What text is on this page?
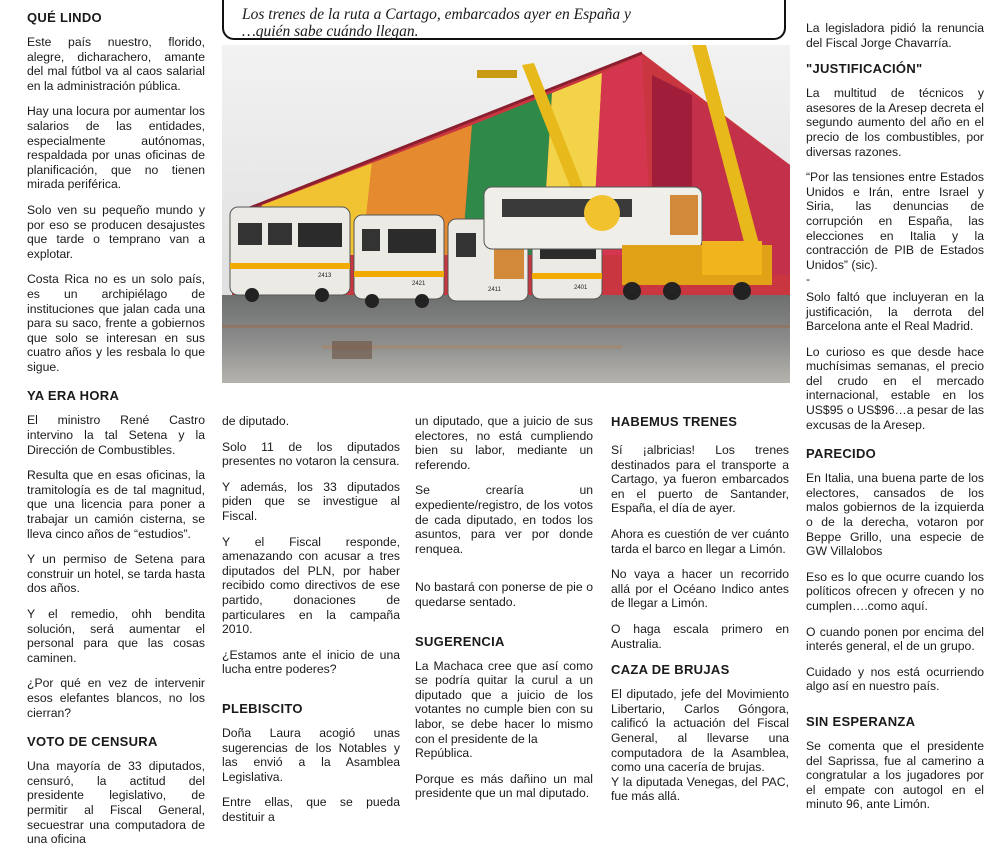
QUÉ LINDO

Este país nuestro, florido, alegre, dicharachero, amante del mal fútbol va al caos salarial en la administración pública.

Hay una locura por aumentar los salarios de las entidades, especialmente autónomas, respaldada por unas oficinas de planificación, que no tienen mirada periférica.

Solo ven su pequeño mundo y por eso se producen desajustes que tarde o temprano van a explotar.

Costa Rica no es un solo país, es un archipiélago de instituciones que jalan cada una para su saco, frente a gobiernos que solo se interesan en sus cuatro años y les resbala lo que sigue.

YA ERA HORA

El ministro René Castro intervino la tal Setena y la Dirección de Combustibles.

Resulta que en esas oficinas, la tramitología es de tal magnitud, que una licencia para poner a trabajar un camión cisterna, se lleva cinco años de “estudios”.

Y un permiso de Setena para construir un hotel, se tarda hasta dos años.

Y el remedio, ohh bendita solución, será aumentar el personal para que las cosas caminen.

¿Por qué en vez de intervenir esos elefantes blancos, no los cierran?

VOTO DE CENSURA

Una mayoría de 33 diputados, censuró, la actitud del presidente legislativo, de permitir al Fiscal General, secuestrar una computadora de una oficina

Los trenes de la ruta a Cartago, embarcados ayer en España y
…quién sabe cuándo llegan.
2413
2421
2411	2401

de diputado.

Solo 11 de los diputados presentes no votaron la censura.

Y además, los 33 diputados piden que se investigue al Fiscal.

Y el Fiscal responde, amenazando con acusar a tres diputados del PLN, por haber recibido como directivos de ese partido, donaciones de particulares en la campaña 2010.

¿Estamos ante el inicio de una lucha entre poderes?

PLEBISCITO

Doña Laura acogió unas sugerencias de los Notables y las envió a la Asamblea Legislativa.

Entre ellas, que se pueda destituir a

un diputado, que a juicio de sus electores, no está cumpliendo bien su labor, mediante un referendo.

Se crearía un expediente/registro, de los votos de cada diputado, en todos los asuntos, para ver por donde renquea.

No bastará con ponerse de pie o quedarse sentado.

SUGERENCIA

La Machaca cree que así como se podría quitar la curul a un diputado que a juicio de los votantes no cumple bien con su labor, se debe hacer lo mismo con el presidente de la
República.

Porque es más dañino un mal presidente que un mal diputado.

HABEMUS TRENES

Sí ¡albricias! Los trenes destinados para el transporte a Cartago, ya fueron embarcados en el puerto de Santander, España, el día de ayer.

Ahora es cuestión de ver cuánto tarda el barco en llegar a Limón.

No vaya a hacer un recorrido allá por el Océano Indico antes de llegar a Limón.

O haga escala primero en Australia.

CAZA DE BRUJAS

El diputado, jefe del Movimiento Libertario, Carlos Góngora, calificó la actuación del Fiscal General, al llevarse una computadora de la Asamblea, como una cacería de brujas.

Y la diputada Venegas, del PAC, fue más allá.

La legisladora pidió la renuncia del Fiscal Jorge Chavarría.

"JUSTIFICACIÓN"

La multitud de técnicos y asesores de la Aresep decreta el segundo aumento del año en el precio de los combustibles, por diversas razones.

“Por las tensiones entre Estados Unidos e Irán, entre Israel y Siria, las denuncias de corrupción en España, las elecciones en Italia y la contracción de PIB de Estados Unidos” (sic).
-

Solo faltó que incluyeran en la justificación, la derrota del Barcelona ante el Real Madrid.

Lo curioso es que desde hace muchísimas semanas, el precio del crudo en el mercado internacional, estable en los US$95 o US$96…a pesar de las excusas de la Aresep.

PARECIDO

En Italia, una buena parte de los electores, cansados de los malos gobiernos de la izquierda o de la derecha, votaron por Beppe Grillo, una especie de GW Villalobos

Eso es lo que ocurre cuando los políticos ofrecen y ofrecen y no cumplen….como aquí.

O cuando ponen por encima del interés general, el de un grupo.

Cuidado y nos está ocurriendo algo así en nuestro país.

SIN ESPERANZA

Se comenta que el presidente del Saprissa, fue al camerino a congratular a los jugadores por el empate con autogol en el minuto 96, ante Limón.
